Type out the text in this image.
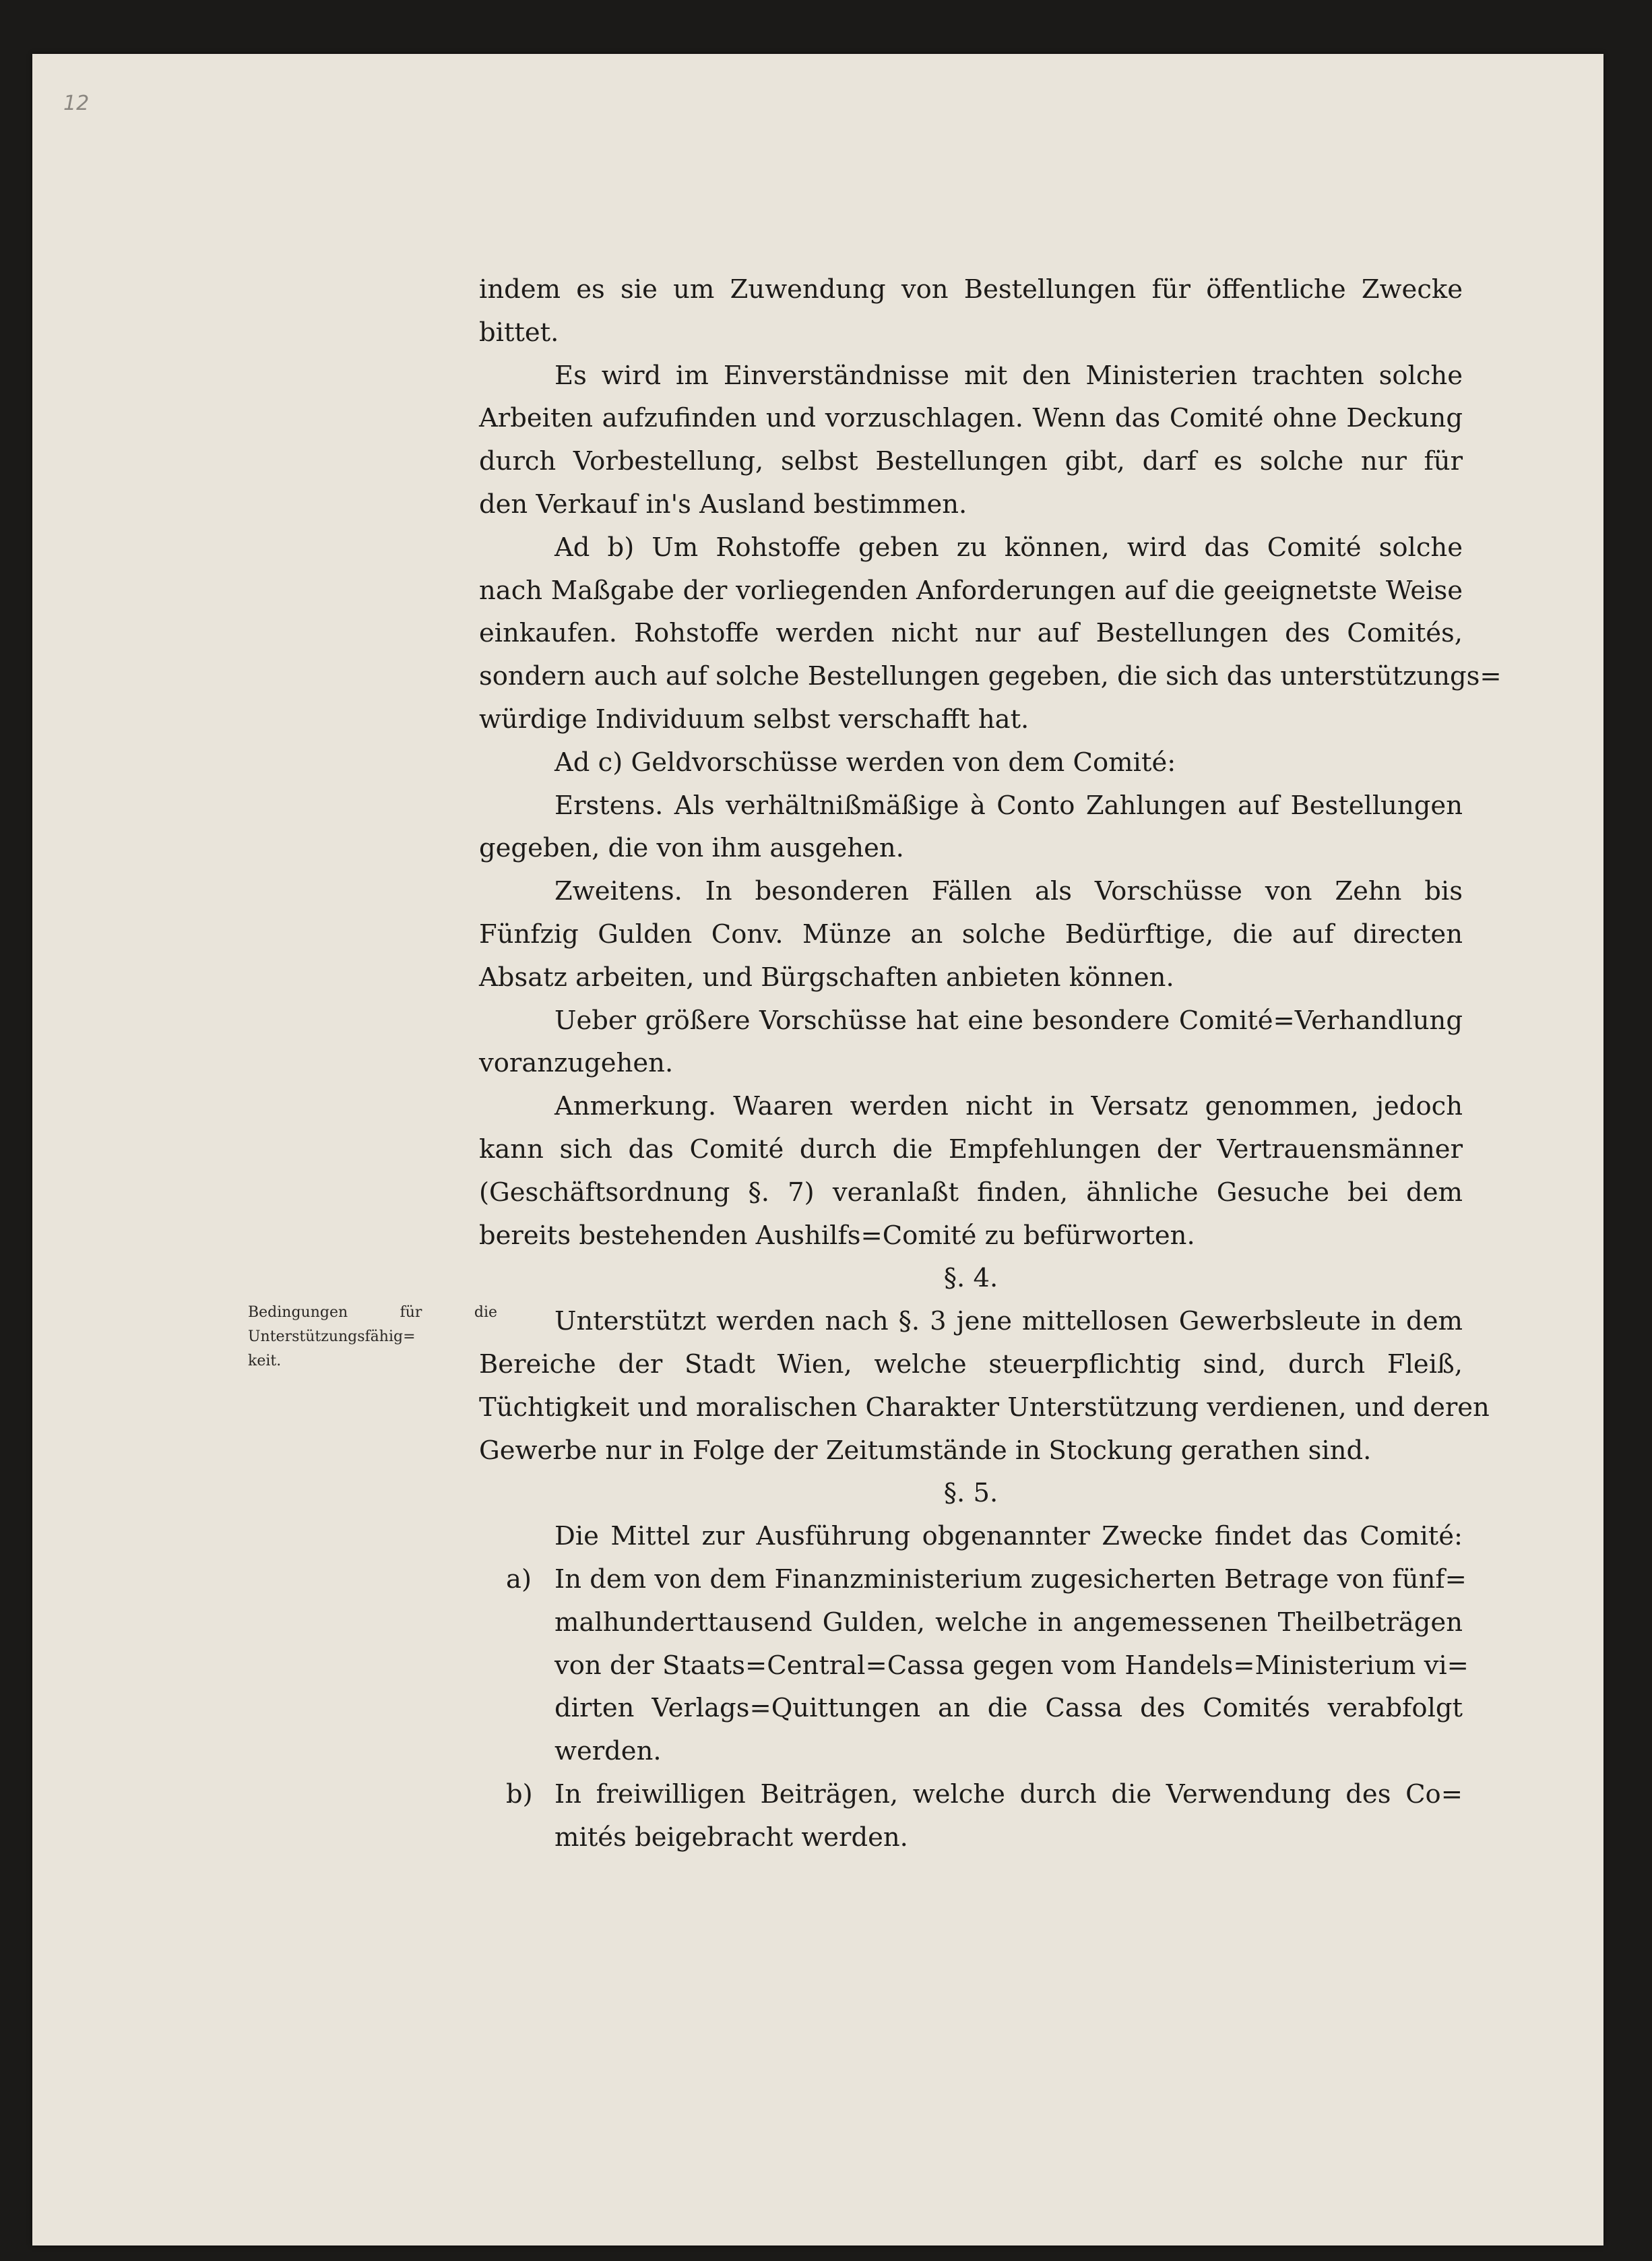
12
Bedingungen für die
Unterstützungsfähig=
keit.
indem es sie um Zuwendung von Bestellungen für öffentliche Zwecke
bittet.
Es wird im Einverständnisse mit den Ministerien trachten solche
Arbeiten aufzufinden und vorzuschlagen. Wenn das Comité ohne Deckung
durch Vorbestellung, selbst Bestellungen gibt, darf es solche nur für
den Verkauf in's Ausland bestimmen.
Ad b) Um Rohstoffe geben zu können, wird das Comité solche
nach Maßgabe der vorliegenden Anforderungen auf die geeignetste Weise
einkaufen. Rohstoffe werden nicht nur auf Bestellungen des Comités,
sondern auch auf solche Bestellungen gegeben, die sich das unterstützungs=
würdige Individuum selbst verschafft hat.
Ad c) Geldvorschüsse werden von dem Comité:
Erstens. Als verhältnißmäßige à Conto Zahlungen auf Bestellungen
gegeben, die von ihm ausgehen.
Zweitens. In besonderen Fällen als Vorschüsse von Zehn bis
Fünfzig Gulden Conv. Münze an solche Bedürftige, die auf directen
Absatz arbeiten, und Bürgschaften anbieten können.
Ueber größere Vorschüsse hat eine besondere Comité=Verhandlung
voranzugehen.
Anmerkung. Waaren werden nicht in Versatz genommen, jedoch
kann sich das Comité durch die Empfehlungen der Vertrauensmänner
(Geschäftsordnung §. 7) veranlaßt finden, ähnliche Gesuche bei dem
bereits bestehenden Aushilfs=Comité zu befürworten.
§. 4.
Unterstützt werden nach §. 3 jene mittellosen Gewerbsleute in dem
Bereiche der Stadt Wien, welche steuerpflichtig sind, durch Fleiß,
Tüchtigkeit und moralischen Charakter Unterstützung verdienen, und deren
Gewerbe nur in Folge der Zeitumstände in Stockung gerathen sind.
§. 5.
Die Mittel zur Ausführung obgenannter Zwecke findet das Comité:
a) In dem von dem Finanzministerium zugesicherten Betrage von fünf=
malhunderttausend Gulden, welche in angemessenen Theilbeträgen
von der Staats=Central=Cassa gegen vom Handels=Ministerium vi=
dirten Verlags=Quittungen an die Cassa des Comités verabfolgt
werden.
b) In freiwilligen Beiträgen, welche durch die Verwendung des Co=
mités beigebracht werden.
